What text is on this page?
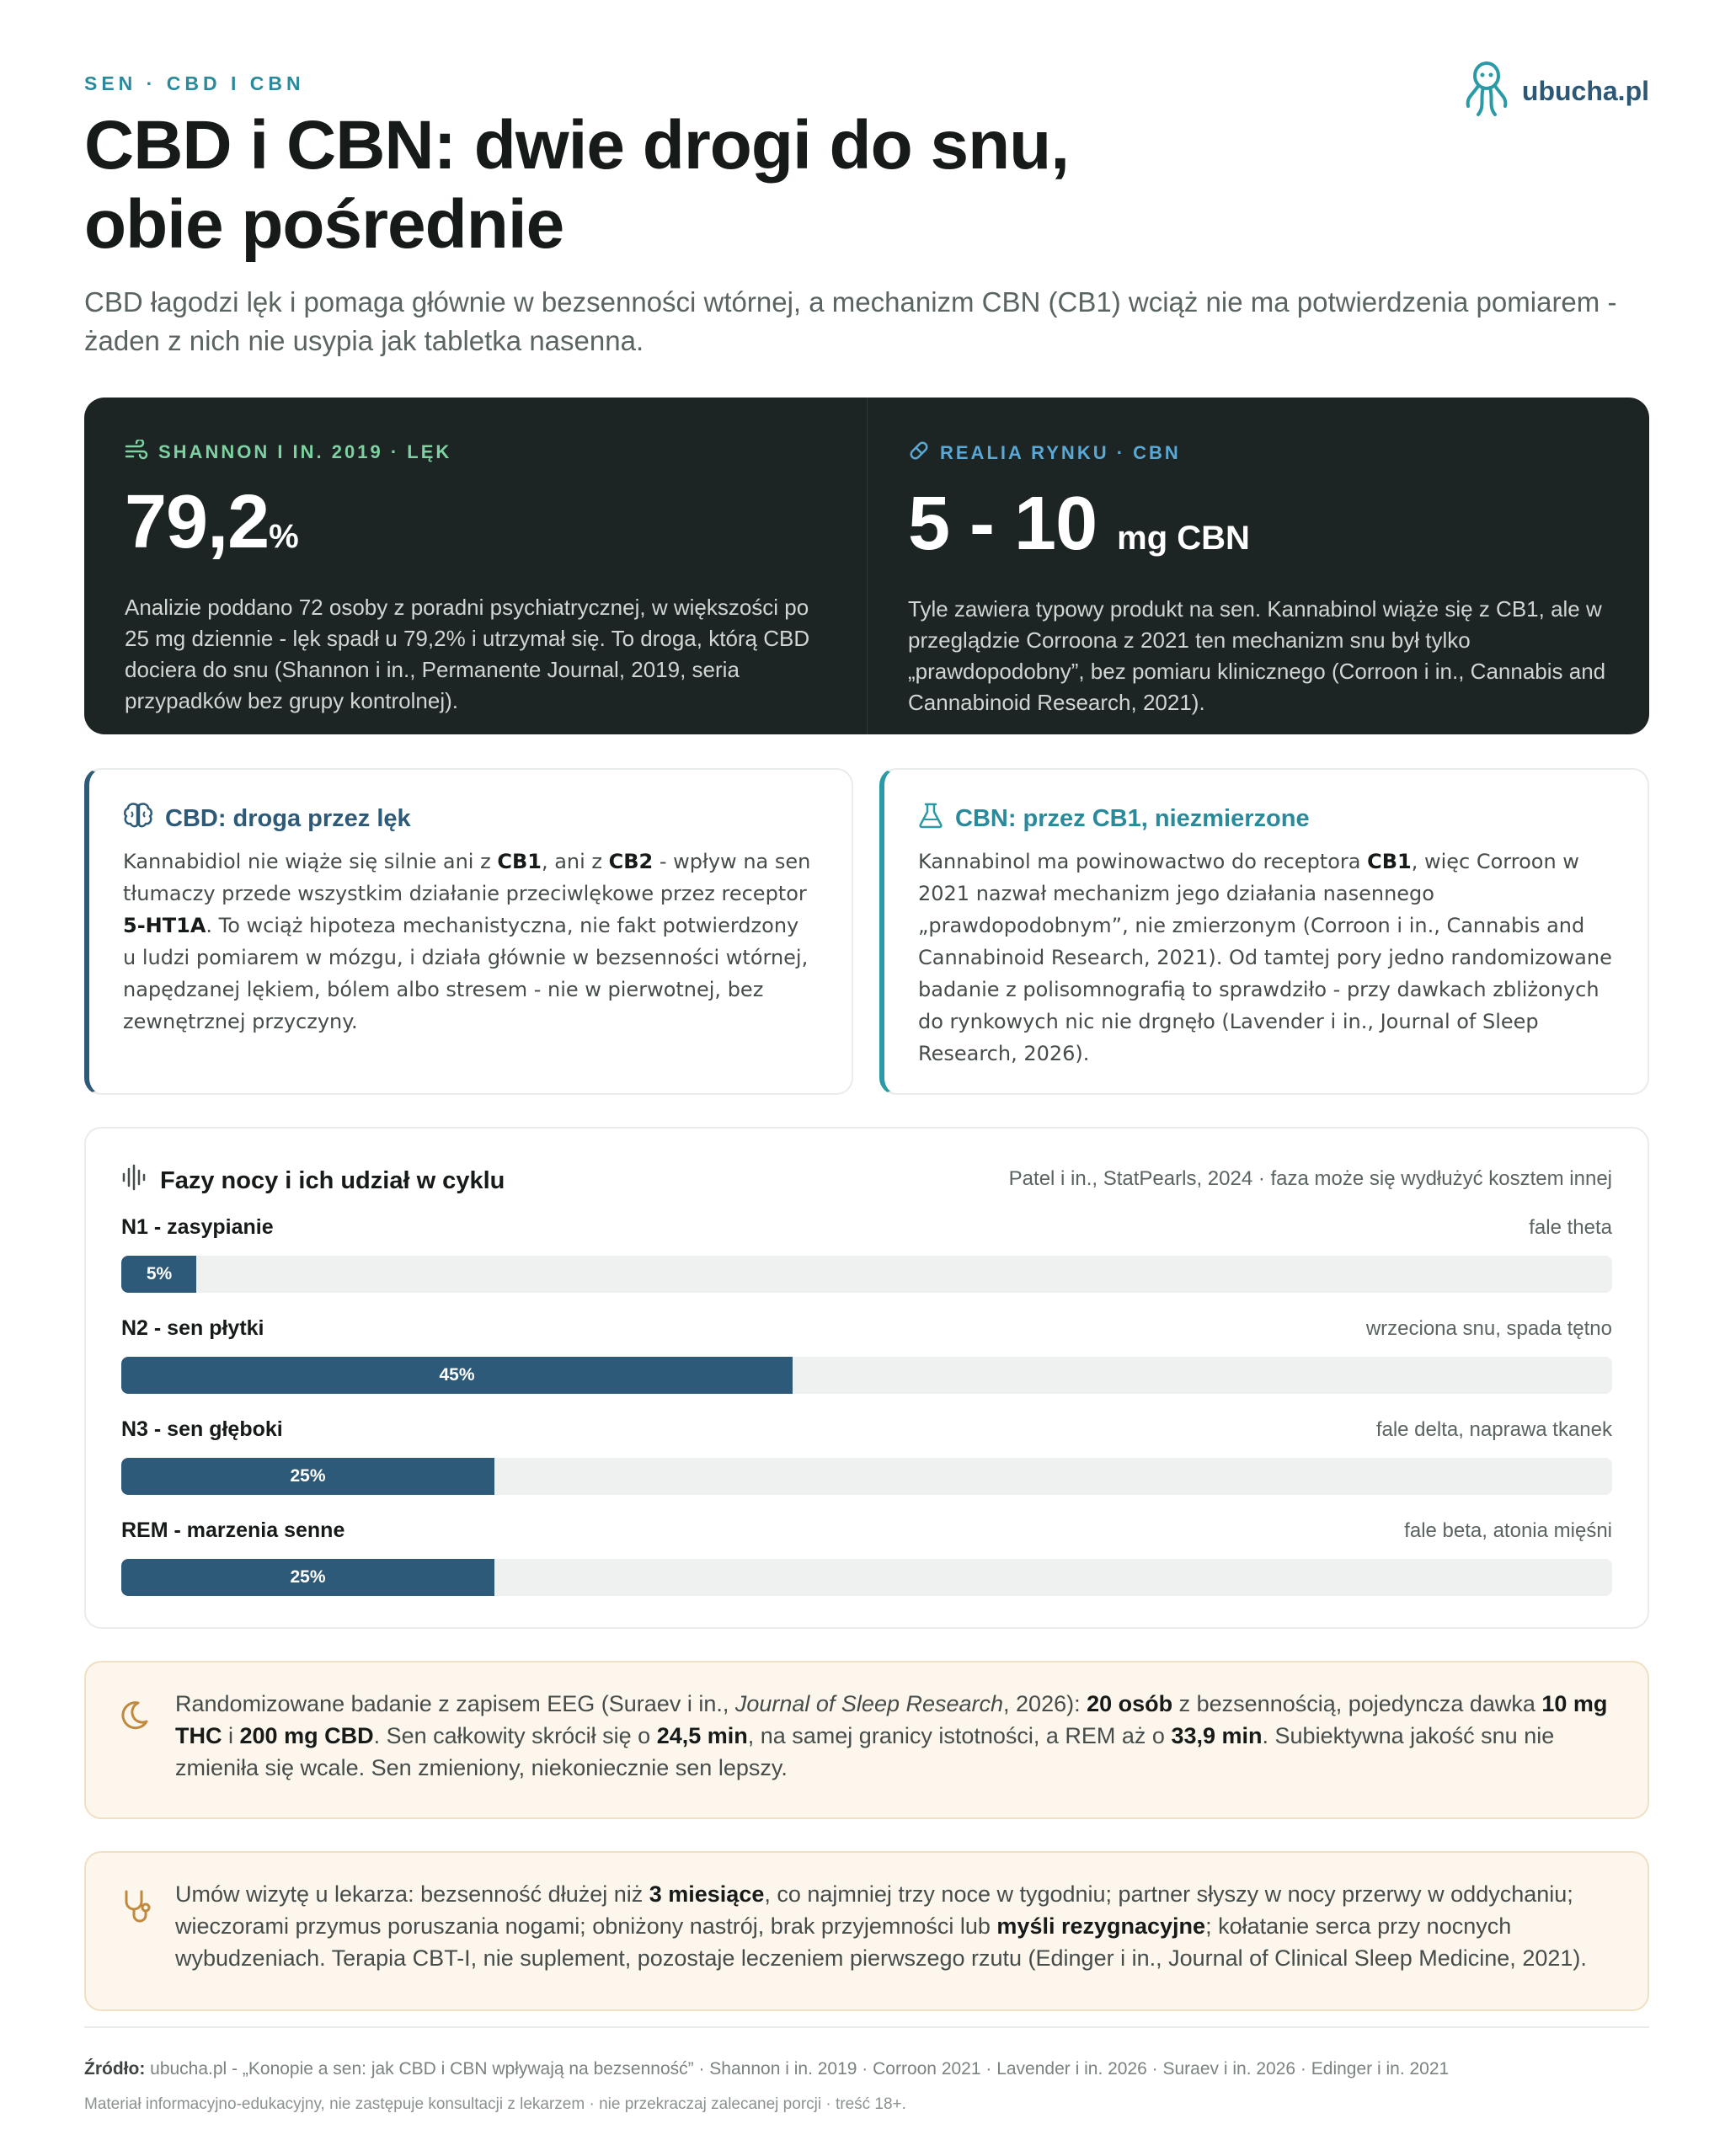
SEN · CBD I CBN	ubucha.pl
CBD i CBN: dwie drogi do snu,
obie pośrednie

CBD łagodzi lęk i pomaga głównie w bezsenności wtórnej, a mechanizm CBN (CB1) wciąż nie ma potwierdzenia pomiarem - żaden z nich nie usypia jak tabletka nasenna.

SHANNON I IN. 2019 · LĘK
79,2%
Analizie poddano 72 osoby z poradni psychiatrycznej, w większości po 25 mg dziennie - lęk spadł u 79,2% i utrzymał się. To droga, którą CBD dociera do snu (Shannon i in., Permanente Journal, 2019, seria przypadków bez grupy kontrolnej).
REALIA RYNKU · CBN
5 - 10 mg CBN
Tyle zawiera typowy produkt na sen. Kannabinol wiąże się z CB1, ale w przeglądzie Corroona z 2021 ten mechanizm snu był tylko „prawdopodobny”, bez pomiaru klinicznego (Corroon i in., Cannabis and Cannabinoid Research, 2021).
CBD: droga przez lęk
Kannabidiol nie wiąże się silnie ani z CB1, ani z CB2 - wpływ na sen tłumaczy przede wszystkim działanie przeciwlękowe przez receptor 5-HT1A. To wciąż hipoteza mechanistyczna, nie fakt potwierdzony u ludzi pomiarem w mózgu, i działa głównie w bezsenności wtórnej, napędzanej lękiem, bólem albo stresem - nie w pierwotnej, bez zewnętrznej przyczyny.
CBN: przez CB1, niezmierzone
Kannabinol ma powinowactwo do receptora CB1, więc Corroon w 2021 nazwał mechanizm jego działania nasennego „prawdopodobnym”, nie zmierzonym (Corroon i in., Cannabis and Cannabinoid Research, 2021). Od tamtej pory jedno randomizowane badanie z polisomnografią to sprawdziło - przy dawkach zbliżonych do rynkowych nic nie drgnęło (Lavender i in., Journal of Sleep Research, 2026).
Fazy nocy i ich udział w cyklu	Patel i in., StatPearls, 2024 · faza może się wydłużyć kosztem innej
N1 - zasypianie	fale theta
5%
N2 - sen płytki	wrzeciona snu, spada tętno
45%
N3 - sen głęboki	fale delta, naprawa tkanek
25%
REM - marzenia senne	fale beta, atonia mięśni
25%

Randomizowane badanie z zapisem EEG (Suraev i in., Journal of Sleep Research, 2026): 20 osób z bezsennością, pojedyncza dawka 10 mg THC i 200 mg CBD. Sen całkowity skrócił się o 24,5 min, na samej granicy istotności, a REM aż o 33,9 min. Subiektywna jakość snu nie zmieniła się wcale. Sen zmieniony, niekoniecznie sen lepszy.

Umów wizytę u lekarza: bezsenność dłużej niż 3 miesiące, co najmniej trzy noce w tygodniu; partner słyszy w nocy przerwy w oddychaniu; wieczorami przymus poruszania nogami; obniżony nastrój, brak przyjemności lub myśli rezygnacyjne; kołatanie serca przy nocnych wybudzeniach. Terapia CBT-I, nie suplement, pozostaje leczeniem pierwszego rzutu (Edinger i in., Journal of Clinical Sleep Medicine, 2021).

Źródło: ubucha.pl - „Konopie a sen: jak CBD i CBN wpływają na bezsenność” · Shannon i in. 2019 · Corroon 2021 · Lavender i in. 2026 · Suraev i in. 2026 · Edinger i in. 2021
Materiał informacyjno-edukacyjny, nie zastępuje konsultacji z lekarzem · nie przekraczaj zalecanej porcji · treść 18+.
